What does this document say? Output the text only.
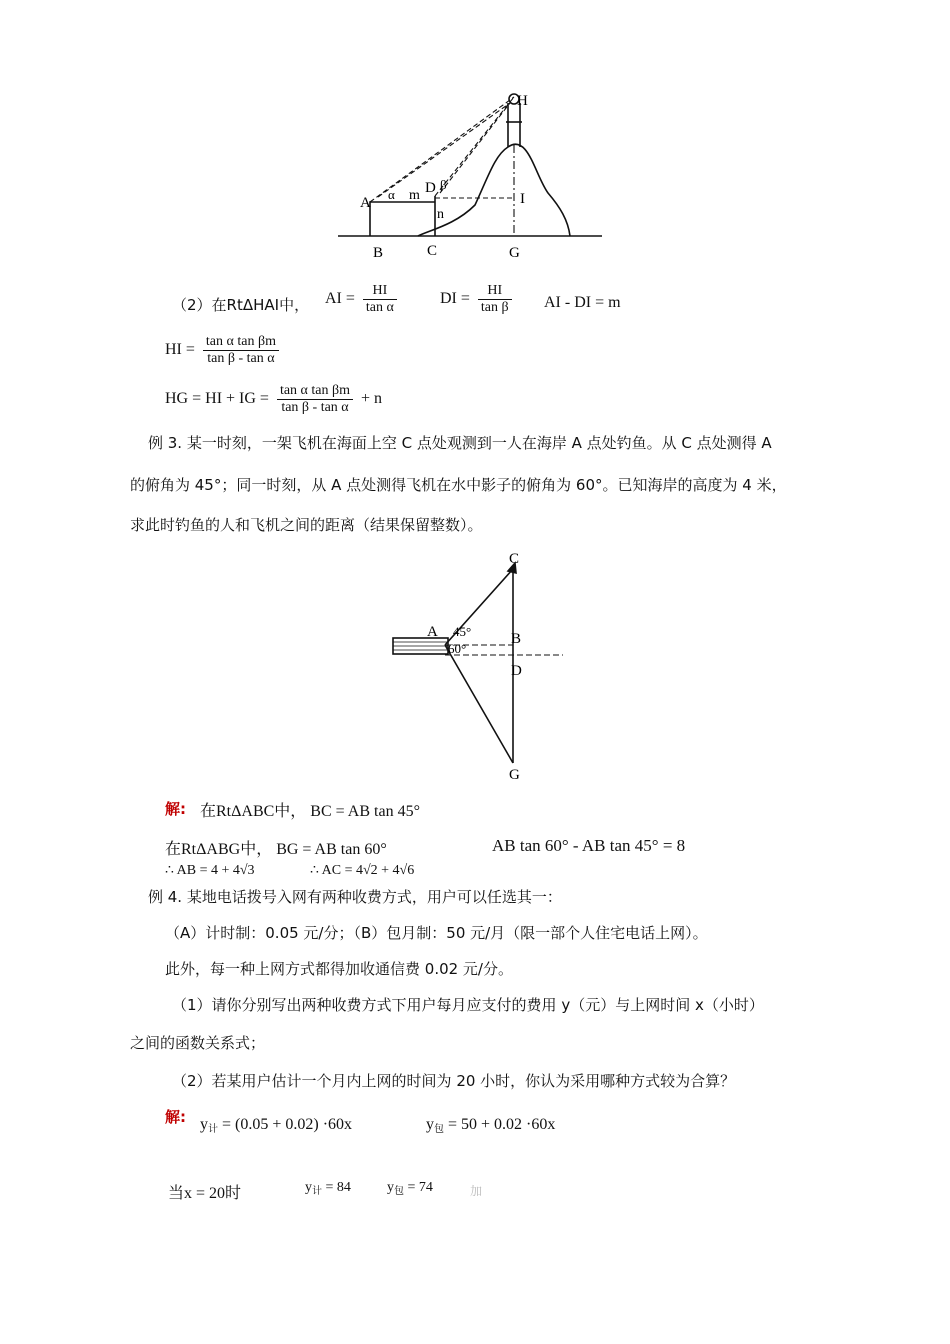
H
A
α m D β
I
n
B	C	G
（2）在RtΔHAI中， AI = $\frac{HI}{\text{tan α}}$	DI = $\frac{HI}{\text{tan β}}$ AI - DI = m
HI = $\frac{\text{tan α tan βm}}{\text{tan β - tan α}}$
HG = HI + IG = $\frac{\text{tan α tan βm}}{\text{tan β - tan α}} + n$
例 3. 某一时刻，一架飞机在海面上空 C 点处观测到一人在海岸 A 点处钓鱼。从 C 点处测得 A
的俯角为 45°；同一时刻，从 A 点处测得飞机在水中影子的俯角为 60°。已知海岸的高度为 4 米，
求此时钓鱼的人和飞机之间的距离（结果保留整数）。
C
A 45°	B
60°
D
G
解: 在RtΔABC中， BC = AB tan 45°
在RtΔABG中， BG = AB tan 60°	AB tan 60° - AB tan 45° = 8
∴ AB = 4 + 4√3	∴ AC = 4√2 + 4√6
例 4. 某地电话拨号入网有两种收费方式，用户可以任选其一：
（A）计时制：0.05 元/分；（B）包月制：50 元/月（限一部个人住宅电话上网）。
此外，每一种上网方式都得加收通信费 0.02 元/分。
（1）请你分别写出两种收费方式下用户每月应支付的费用 y（元）与上网时间 x（小时）
之间的函数关系式；
（2）若某用户估计一个月内上网的时间为 20 小时，你认为采用哪种方式较为合算？
解: $y_计 = (0.05 + 0.02) \cdot 60x$	$y_包 = 50 + 0.02 \cdot 60x$
当x = 20时	$y_计 = 84$	$y_包 = 74$	加
